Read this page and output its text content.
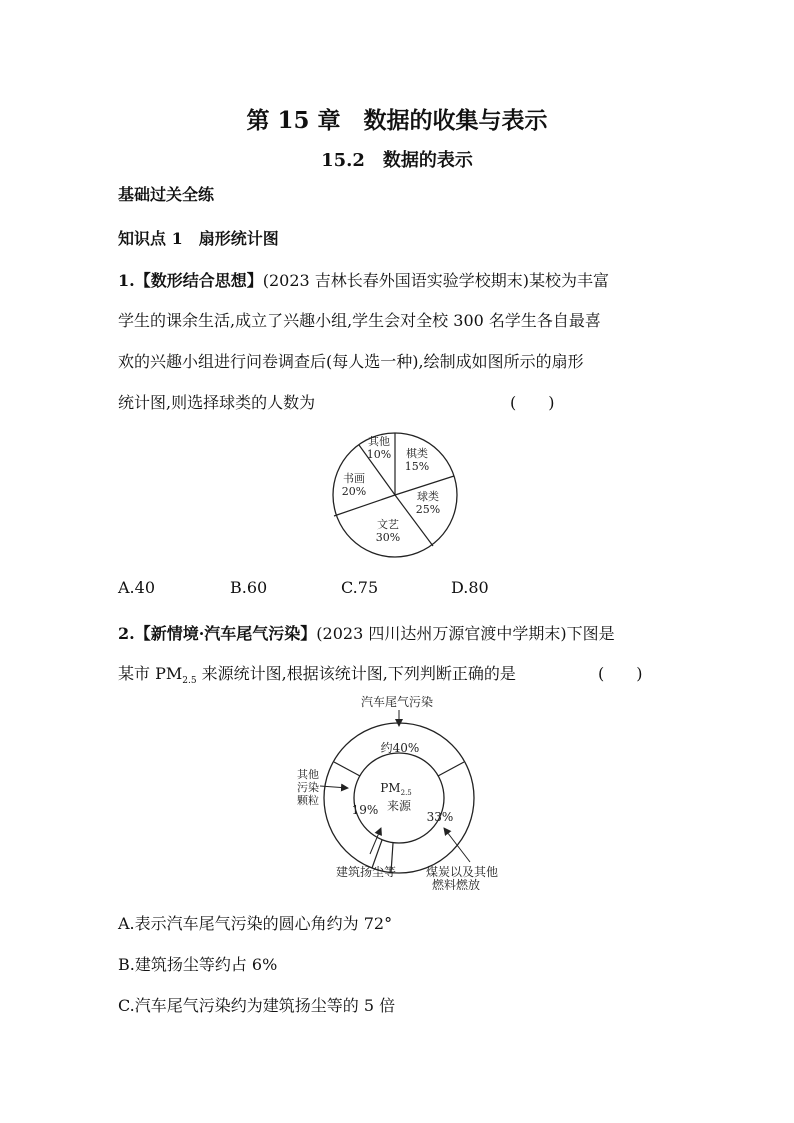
第 15 章　数据的收集与表示
15.2　数据的表示
基础过关全练
知识点 1　扇形统计图
1.【数形结合思想】(2023 吉林长春外国语实验学校期末)某校为丰富
学生的课余生活,成立了兴趣小组,学生会对全校 300 名学生各自最喜
欢的兴趣小组进行问卷调查后(每人选一种),绘制成如图所示的扇形
统计图,则选择球类的人数为	(　　)
棋类
15%
球类
25%
文艺
30%
书画
20%
其他
10%
A.40	B.60	C.75	D.80
2.【新情境·汽车尾气污染】(2023 四川达州万源官渡中学期末)下图是
某市 $PM_{2.5}$ 来源统计图,根据该统计图,下列判断正确的是	(　　)
汽车尾气污染
约40%
$PM_{2.5}$
来源
19%	33%
其他
污染
颗粒
建筑扬尘等 煤炭以及其他
燃料燃放
A.表示汽车尾气污染的圆心角约为 72°
B.建筑扬尘等约占 6%
C.汽车尾气污染约为建筑扬尘等的 5 倍
